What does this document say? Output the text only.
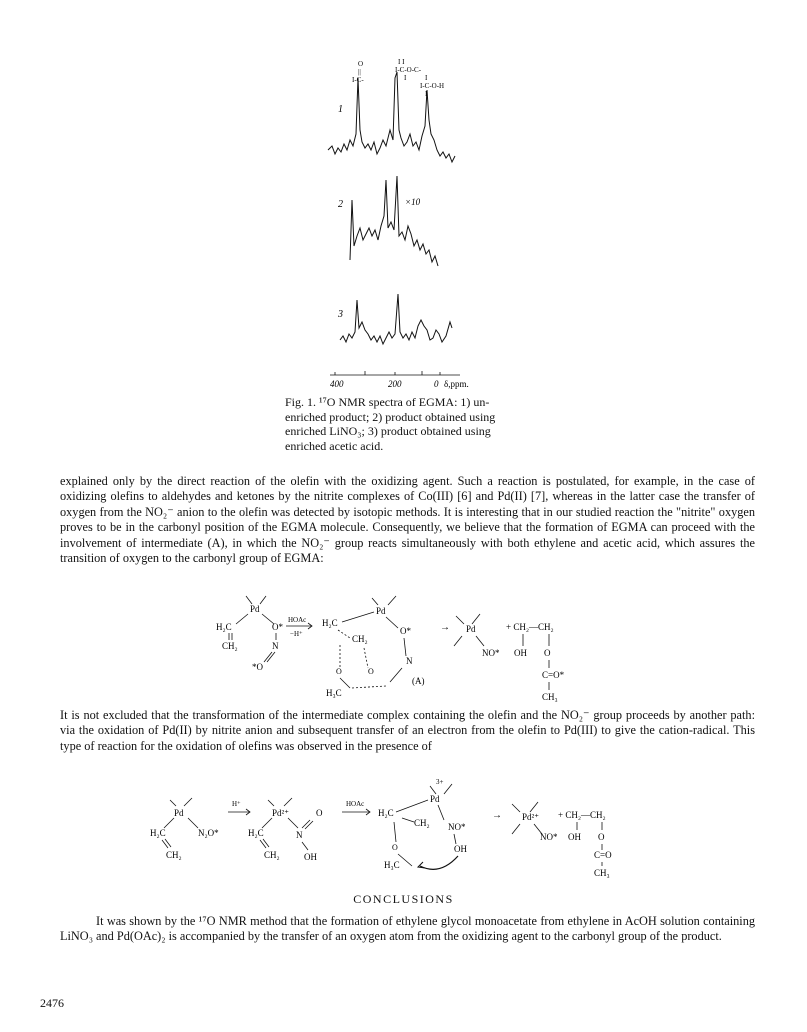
O
||
I-C-
I I
I-C-O-C-
I	I
I-C-O-H
I
1
2
3
×10
400	200	0 δ,ppm.
Fig. 1. ¹⁷O NMR spectra of EGMA: 1) un-
enriched product; 2) product obtained using
enriched LiNO₃; 3) product obtained using
enriched acetic acid.
explained only by the direct reaction of the olefin with the oxidizing agent. Such a reaction is postulated, for example, in the case of oxidizing olefins to aldehydes and ketones by the nitrite complexes of Co(III) [6] and Pd(II) [7], whereas in the latter case the transfer of oxygen from the NO₂⁻ anion to the olefin was detected by isotopic methods. It is interesting that in our studied reaction the "nitrite" oxygen proves to be in the carbonyl position of the EGMA molecule. Consequently, we believe that the formation of EGMA can proceed with the involvement of intermediate (A), in which the NO₂⁻ group reacts simultaneously with both ethylene and acetic acid, which assures the transition of oxygen to the carbonyl group of EGMA:
Pd
H₂C	O*
CH₂	N
*O
HOAc
−H⁺
H₂C
Pd
O*
CH₂
O
N
O
H₃C
(A)
→ Pd
NO*
+ CH₂—CH₂
OH O
C=O*
CH₃
It is not excluded that the transformation of the intermediate complex containing the olefin and the NO₂⁻ group proceeds by another path: via the oxidation of Pd(II) by nitrite anion and subsequent transfer of an electron from the olefin to Pd(III) to give the cation-radical. This type of reaction for the oxidation of olefins was observed in the presence of
Pd
H₂C	N₂O*
CH₂
H⁺
Pd²⁺	O
H₂C	N
CH₂	OH
HOAc
3+
Pd
H₂C
CH₂ NO*
O	OH
H₃C
→ Pd²⁺
NO*
+ CH₂—CH₂
OH O
C=O
CH₃
CONCLUSIONS
It was shown by the ¹⁷O NMR method that the formation of ethylene glycol monoacetate from ethylene in AcOH solution containing LiNO₃ and Pd(OAc)₂ is accompanied by the transfer of an oxygen atom from the oxidizing agent to the carbonyl group of the product.
2476
